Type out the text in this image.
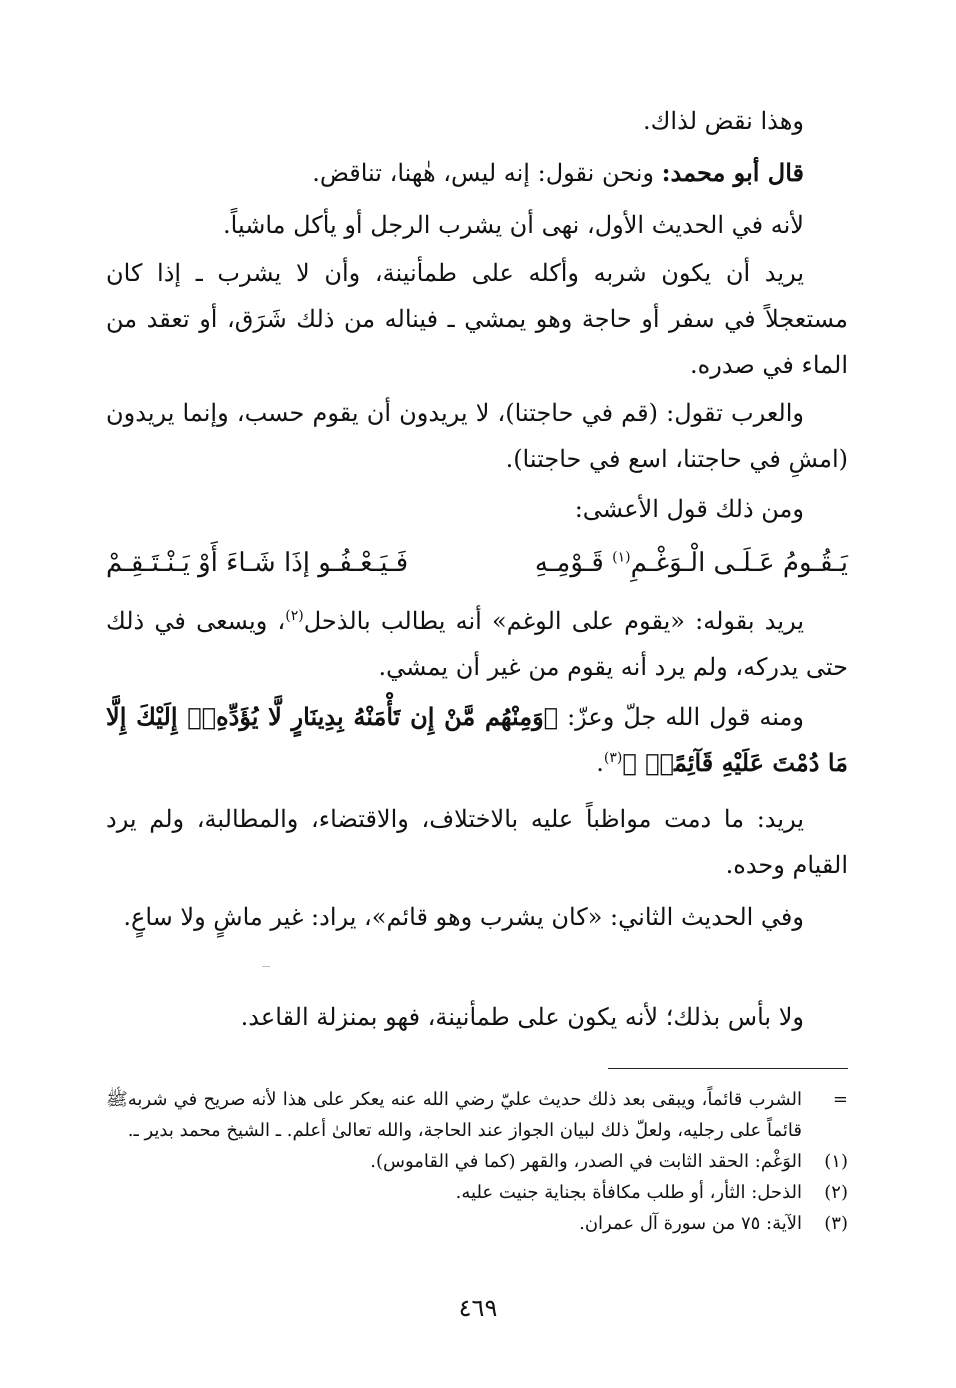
وهذا نقض لذاك.

قال أبو محمد: ونحن نقول: إنه ليس، هٰهنا، تناقض.

لأنه في الحديث الأول، نهى أن يشرب الرجل أو يأكل ماشياً.

يريد أن يكون شربه وأكله على طمأنينة، وأن لا يشرب ـ إذا كان مستعجلاً في سفر أو حاجة وهو يمشي ـ فيناله من ذلك شَرَق، أو تعقد من الماء في صدره.

والعرب تقول: (قم في حاجتنا)، لا يريدون أن يقوم حسب، وإنما يريدون (امشِ في حاجتنا، اسع في حاجتنا).

ومن ذلك قول الأعشى:

يَـقُـومُ عَـلَـى الْـوَغْـمِ$^{(١)}$ قَـوْمِـهِ
فَـيَـعْـفُـو إذَا شَـاءَ أَوْ يَـنْـتَـقِـمْ

يريد بقوله: «يقوم على الوغم» أنه يطالب بالذحل$^{(٢)}$، ويسعى في ذلك حتى يدركه، ولم يرد أنه يقوم من غير أن يمشي.

ومنه قول الله جلّ وعزّ: ﴿وَمِنْهُم مَّنْ إِن تَأْمَنْهُ بِدِينَارٍ لَّا يُؤَدِّهِۦٓ إِلَيْكَ إِلَّا مَا دُمْتَ عَلَيْهِ قَآئِمًاۗ ﴾$^{(٣)}$.

يريد: ما دمت مواظباً عليه بالاختلاف، والاقتضاء، والمطالبة، ولم يرد القيام وحده.

وفي الحديث الثاني: «كان يشرب وهو قائم»، يراد: غير ماشٍ ولا ساعٍ.

ولا بأس بذلك؛ لأنه يكون على طمأنينة، فهو بمنزلة القاعد.

=
الشرب قائماً، ويبقى بعد ذلك حديث عليّ رضي الله عنه يعكر على هذا لأنه صريح في شربهﷺ قائماً على رجليه، ولعلّ ذلك لبيان الجواز عند الحاجة، والله تعالىٰ أعلم. ـ الشيخ محمد بدير ـ.
(١)
الوَغْم: الحقد الثابت في الصدر، والقهر (كما في القاموس).
(٢)
الذحل: الثأر، أو طلب مكافأة بجناية جنيت عليه.
(٣)
الآية: ٧٥ من سورة آل عمران.
٤٦٩
